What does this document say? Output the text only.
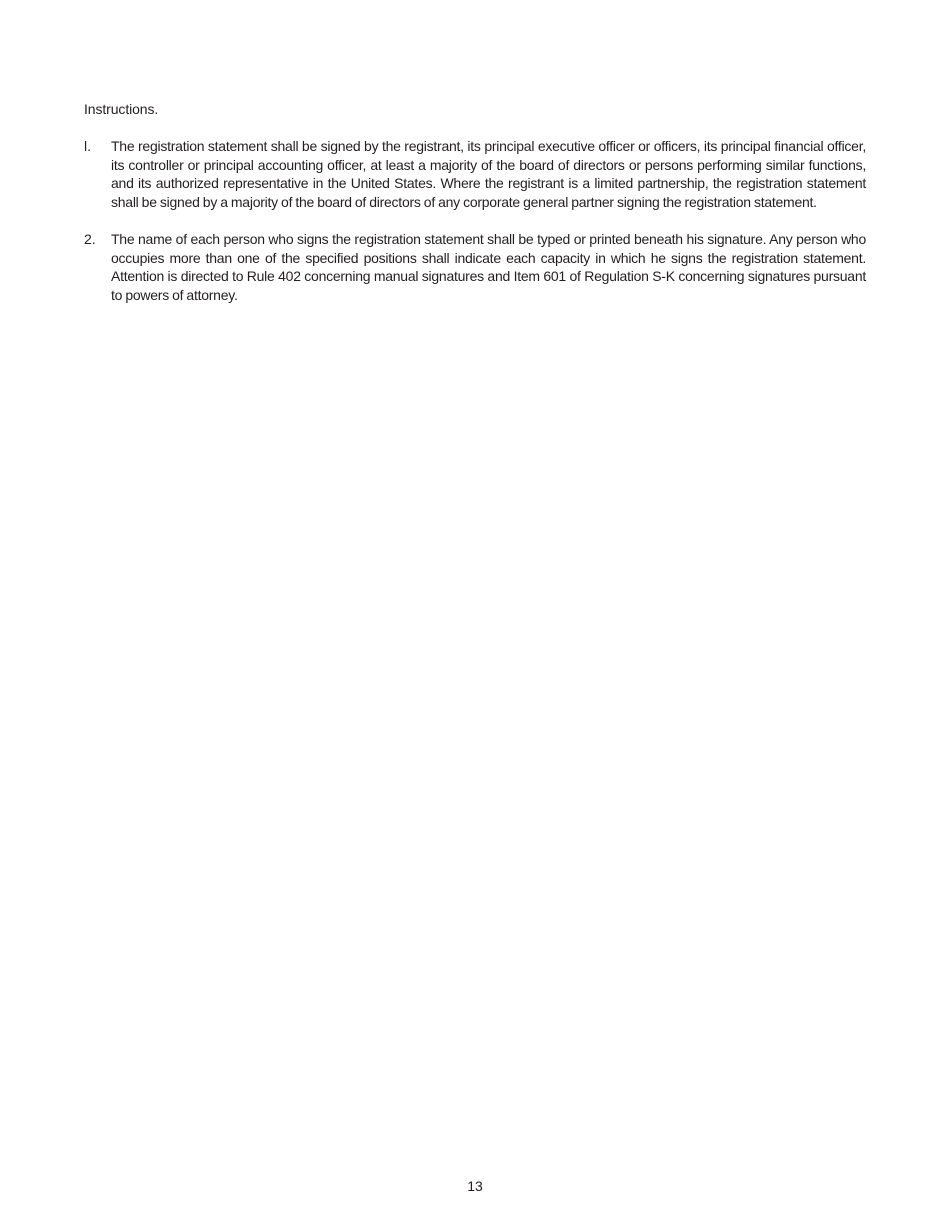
Instructions.
l.	The registration statement shall be signed by the registrant, its principal executive officer or officers, its principal financial officer, its controller or principal accounting officer, at least a majority of the board of directors or persons performing similar functions, and its authorized representative in the United States. Where the registrant is a limited partnership, the registration statement shall be signed by a majority of the board of directors of any corporate general partner signing the registration statement.
2.	The name of each person who signs the registration statement shall be typed or printed beneath his signature. Any person who occupies more than one of the specified positions shall indicate each capacity in which he signs the registration statement. Attention is directed to Rule 402 concerning manual signatures and Item 601 of Regulation S-K concerning signatures pursuant to powers of attorney.
13
